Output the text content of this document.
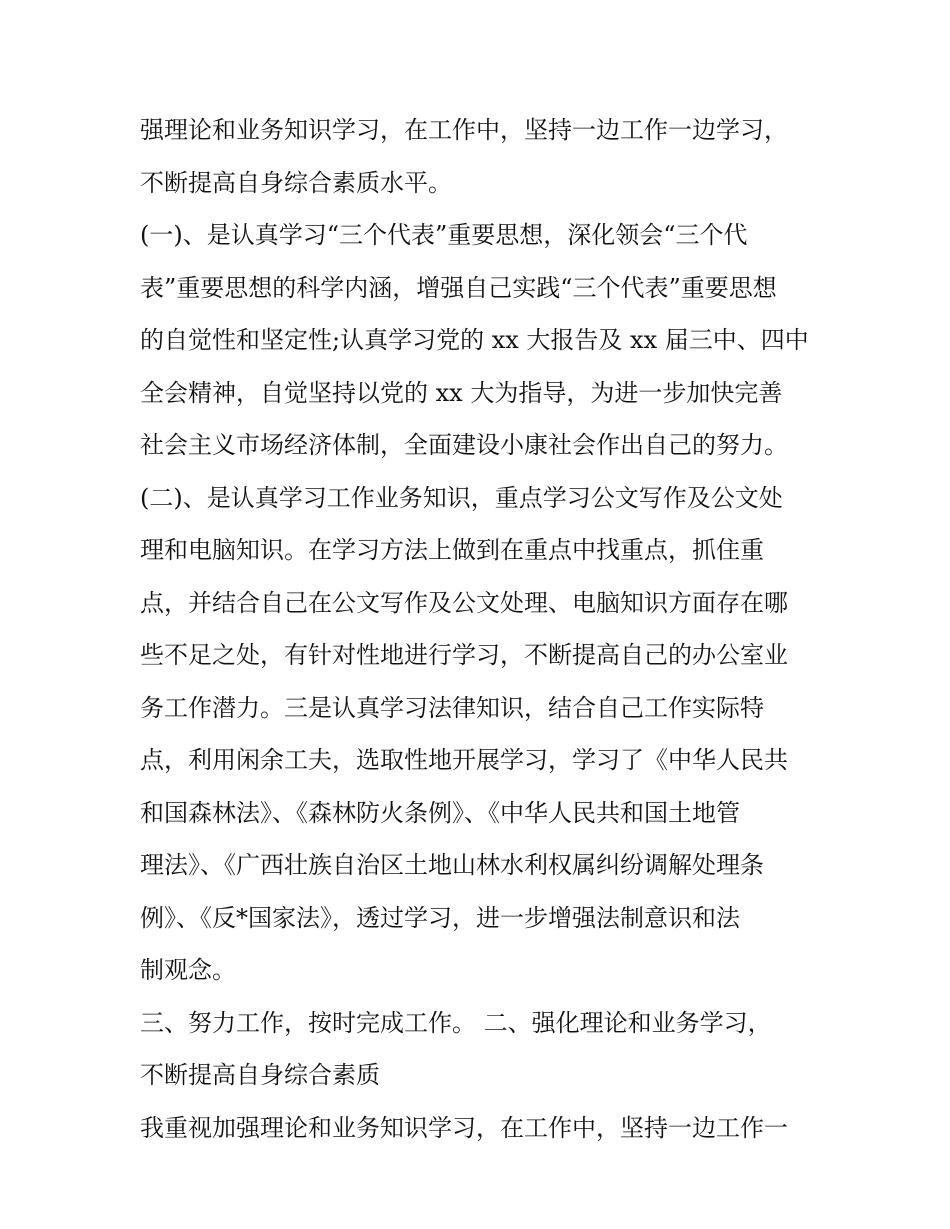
强理论和业务知识学习，在工作中，坚持一边工作一边学习，
不断提高自身综合素质水平。
(一)、是认真学习“三个代表”重要思想，深化领会“三个代
表”重要思想的科学内涵，增强自己实践“三个代表”重要思想
的自觉性和坚定性;认真学习党的 xx 大报告及 xx 届三中、四中
全会精神，自觉坚持以党的 xx 大为指导，为进一步加快完善
社会主义市场经济体制，全面建设小康社会作出自己的努力。
(二)、是认真学习工作业务知识，重点学习公文写作及公文处
理和电脑知识。在学习方法上做到在重点中找重点，抓住重
点，并结合自己在公文写作及公文处理、电脑知识方面存在哪
些不足之处，有针对性地进行学习，不断提高自己的办公室业
务工作潜力。三是认真学习法律知识，结合自己工作实际特
点，利用闲余工夫，选取性地开展学习，学习了《中华人民共
和国森林法》、《森林防火条例》、《中华人民共和国土地管
理法》、《广西壮族自治区土地山林水利权属纠纷调解处理条
例》、《反*国家法》，透过学习，进一步增强法制意识和法
制观念。
三、努力工作，按时完成工作。 二、强化理论和业务学习，
不断提高自身综合素质
我重视加强理论和业务知识学习，在工作中，坚持一边工作一
